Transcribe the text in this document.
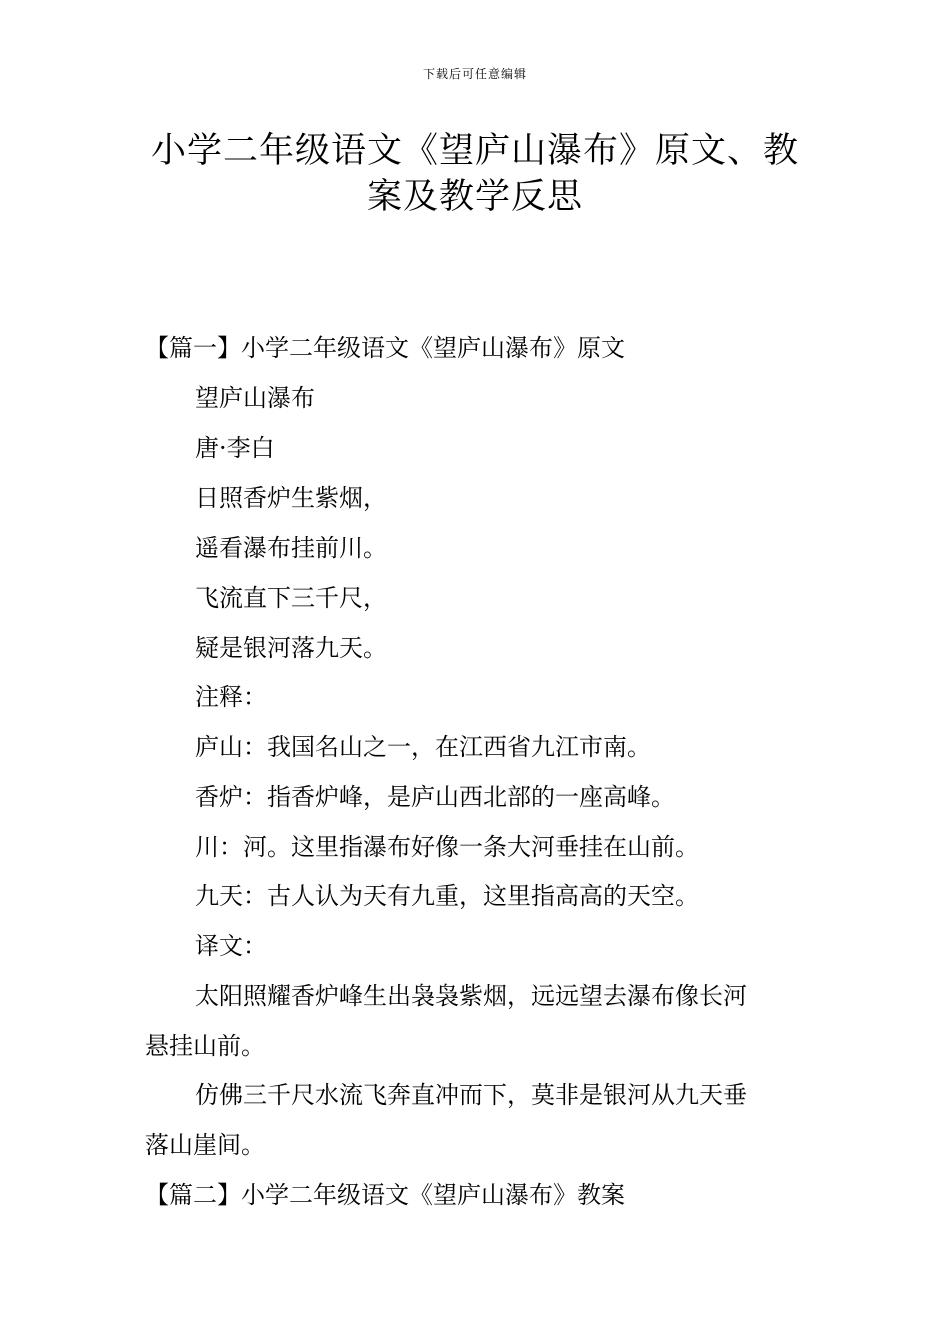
下载后可任意编辑
小学二年级语文《望庐山瀑布》原文、教
案及教学反思
【篇一】小学二年级语文《望庐山瀑布》原文
望庐山瀑布
唐·李白
日照香炉生紫烟，
遥看瀑布挂前川。
飞流直下三千尺，
疑是银河落九天。
注释：
庐山：我国名山之一，在江西省九江市南。
香炉：指香炉峰，是庐山西北部的一座高峰。
川：河。这里指瀑布好像一条大河垂挂在山前。
九天：古人认为天有九重，这里指高高的天空。
译文：
太阳照耀香炉峰生出袅袅紫烟，远远望去瀑布像长河
悬挂山前。
仿佛三千尺水流飞奔直冲而下，莫非是银河从九天垂
落山崖间。
【篇二】小学二年级语文《望庐山瀑布》教案
